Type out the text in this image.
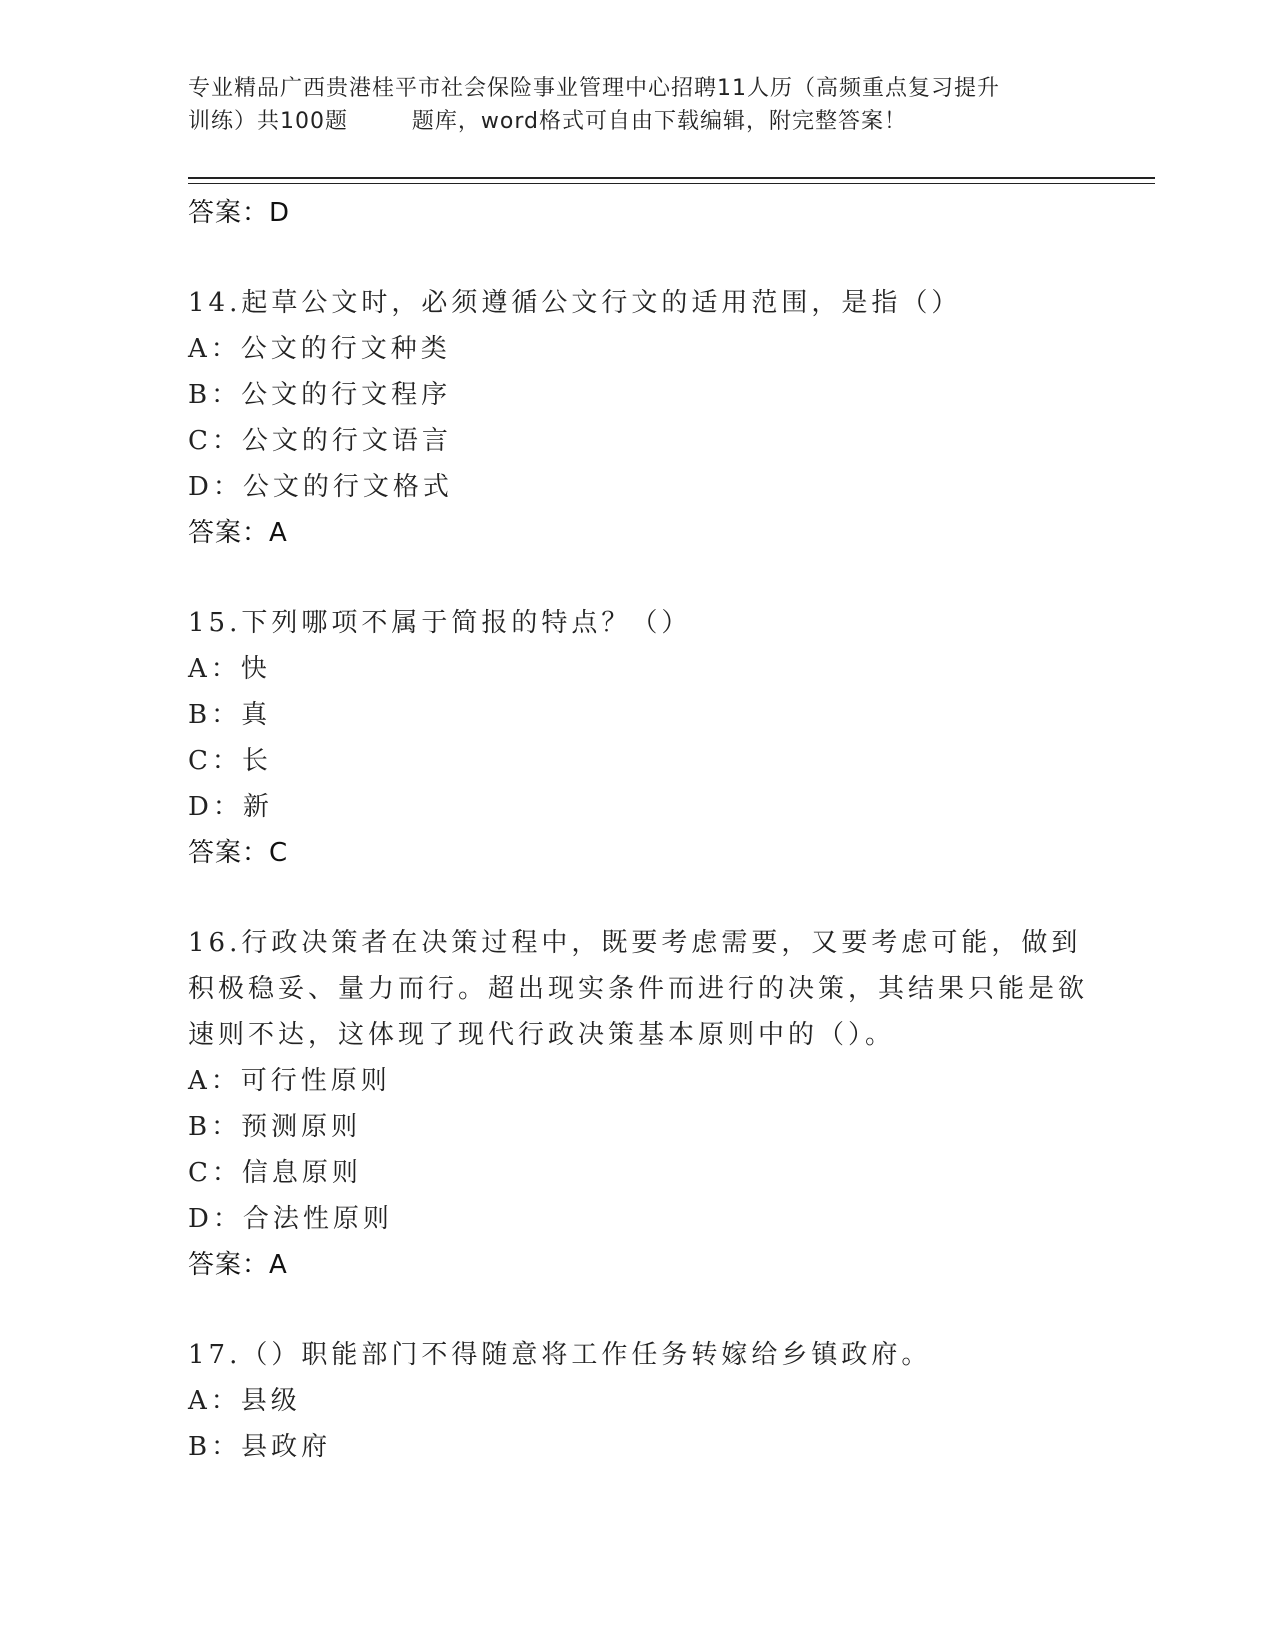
专业精品广西贵港桂平市社会保险事业管理中心招聘11人历（高频重点复习提升
训练）共100题        题库，word格式可自由下载编辑，附完整答案！
答案：D
14.起草公文时，必须遵循公文行文的适用范围，是指（）
A：公文的行文种类
B：公文的行文程序
C：公文的行文语言
D：公文的行文格式
答案：A
15.下列哪项不属于简报的特点？（）
A：快
B：真
C：长
D：新
答案：C
16.行政决策者在决策过程中，既要考虑需要，又要考虑可能，做到积极稳妥、量力而行。超出现实条件而进行的决策，其结果只能是欲速则不达，这体现了现代行政决策基本原则中的（）。
A：可行性原则
B：预测原则
C：信息原则
D：合法性原则
答案：A
17.（）职能部门不得随意将工作任务转嫁给乡镇政府。
A：县级
B：县政府
